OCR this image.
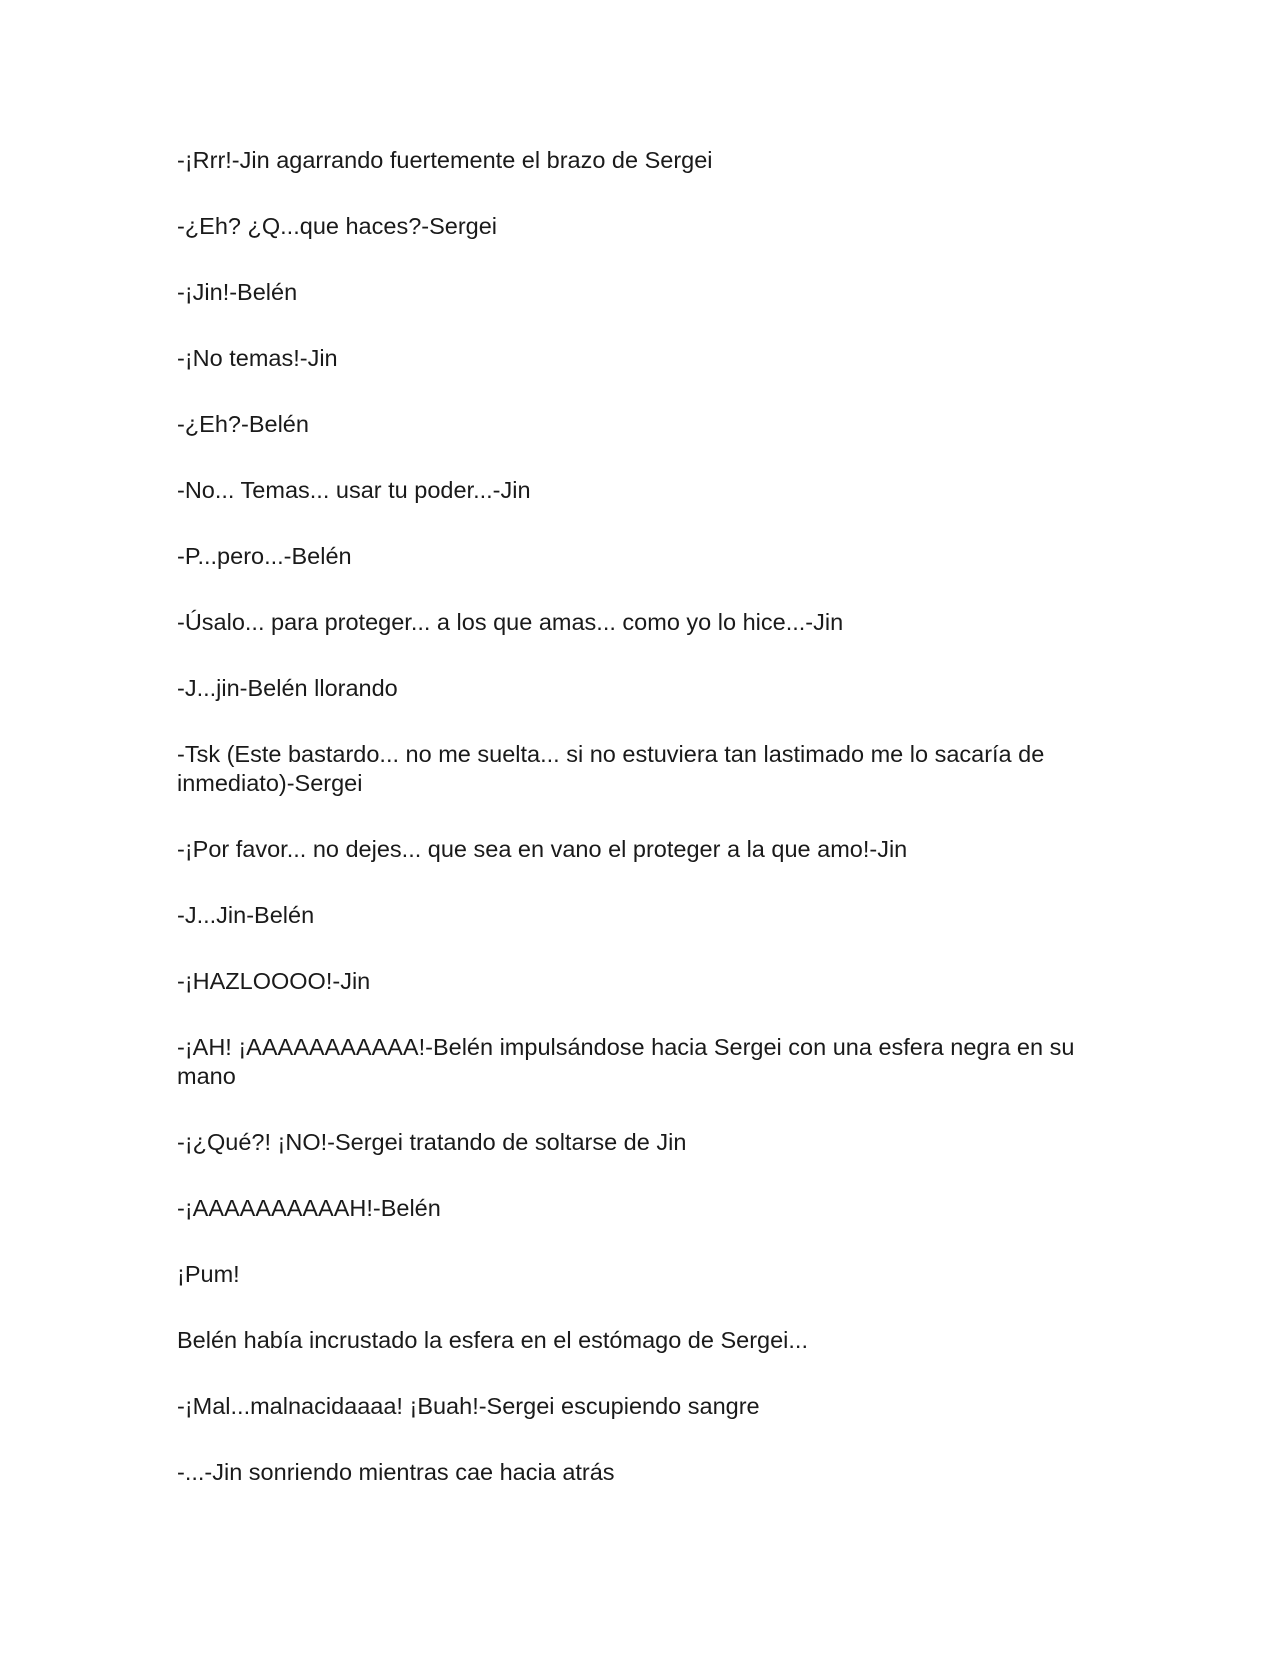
-¡Rrr!-Jin agarrando fuertemente el brazo de Sergei

-¿Eh? ¿Q...que haces?-Sergei

-¡Jin!-Belén

-¡No temas!-Jin

-¿Eh?-Belén

-No... Temas... usar tu poder...-Jin

-P...pero...-Belén

-Úsalo... para proteger... a los que amas... como yo lo hice...-Jin

-J...jin-Belén llorando

-Tsk (Este bastardo... no me suelta... si no estuviera tan lastimado me lo sacaría de inmediato)-Sergei

-¡Por favor... no dejes... que sea en vano el proteger a la que amo!-Jin

-J...Jin-Belén

-¡HAZLOOOO!-Jin

-¡AH! ¡AAAAAAAAAAA!-Belén impulsándose hacia Sergei con una esfera negra en su mano

-¡¿Qué?! ¡NO!-Sergei tratando de soltarse de Jin

-¡AAAAAAAAAAH!-Belén

¡Pum!

Belén había incrustado la esfera en el estómago de Sergei...

-¡Mal...malnacidaaaa! ¡Buah!-Sergei escupiendo sangre

-...-Jin sonriendo mientras cae hacia atrás
